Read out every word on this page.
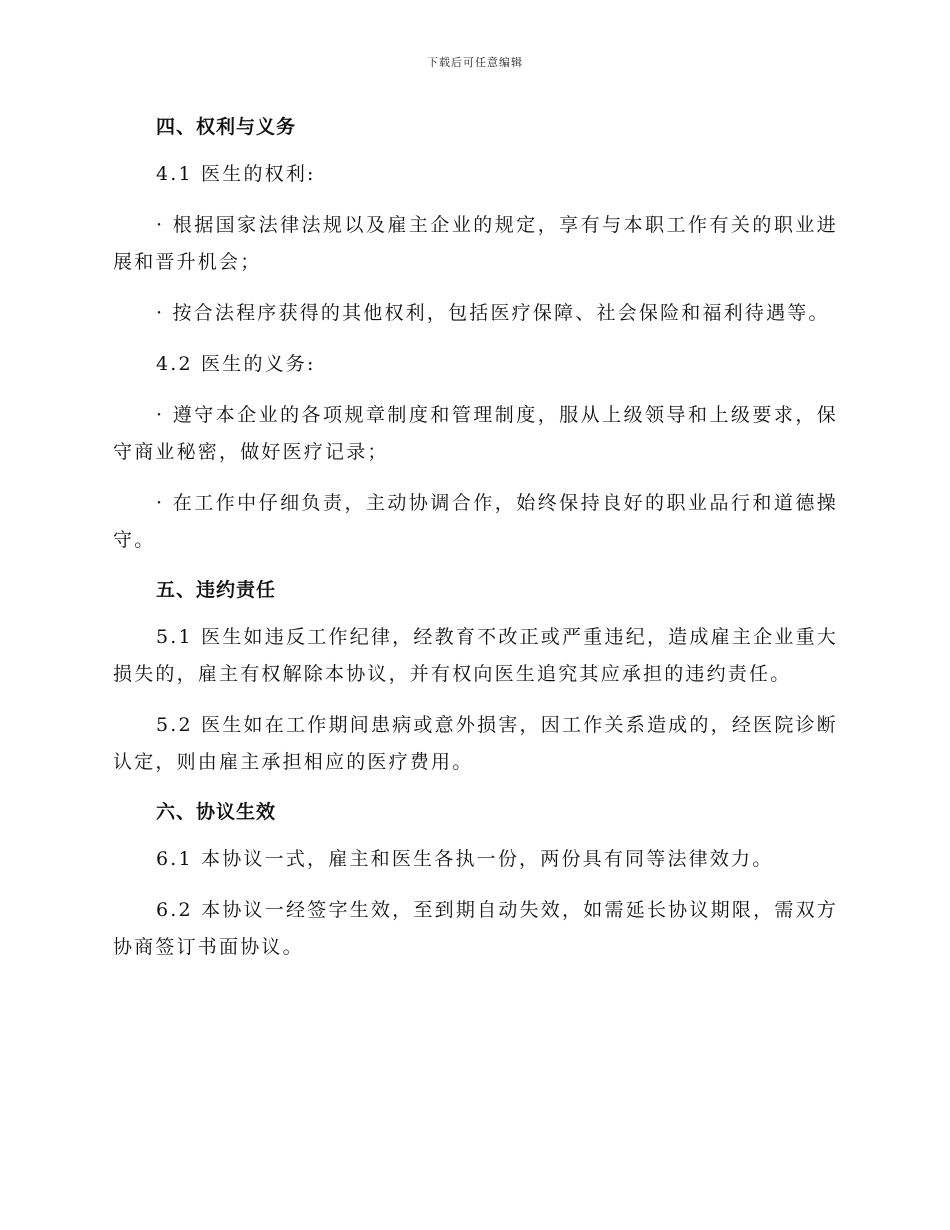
下载后可任意编辑
四、权利与义务

4.1 医生的权利:

· 根据国家法律法规以及雇主企业的规定，享有与本职工作有关的职业进展和晋升机会；

· 按合法程序获得的其他权利，包括医疗保障、社会保险和福利待遇等。

4.2 医生的义务:

· 遵守本企业的各项规章制度和管理制度，服从上级领导和上级要求，保守商业秘密，做好医疗记录；

· 在工作中仔细负责，主动协调合作，始终保持良好的职业品行和道德操守。

五、违约责任

5.1 医生如违反工作纪律，经教育不改正或严重违纪，造成雇主企业重大损失的，雇主有权解除本协议，并有权向医生追究其应承担的违约责任。

5.2 医生如在工作期间患病或意外损害，因工作关系造成的，经医院诊断认定，则由雇主承担相应的医疗费用。

六、协议生效

6.1 本协议一式，雇主和医生各执一份，两份具有同等法律效力。

6.2 本协议一经签字生效，至到期自动失效，如需延长协议期限，需双方协商签订书面协议。
